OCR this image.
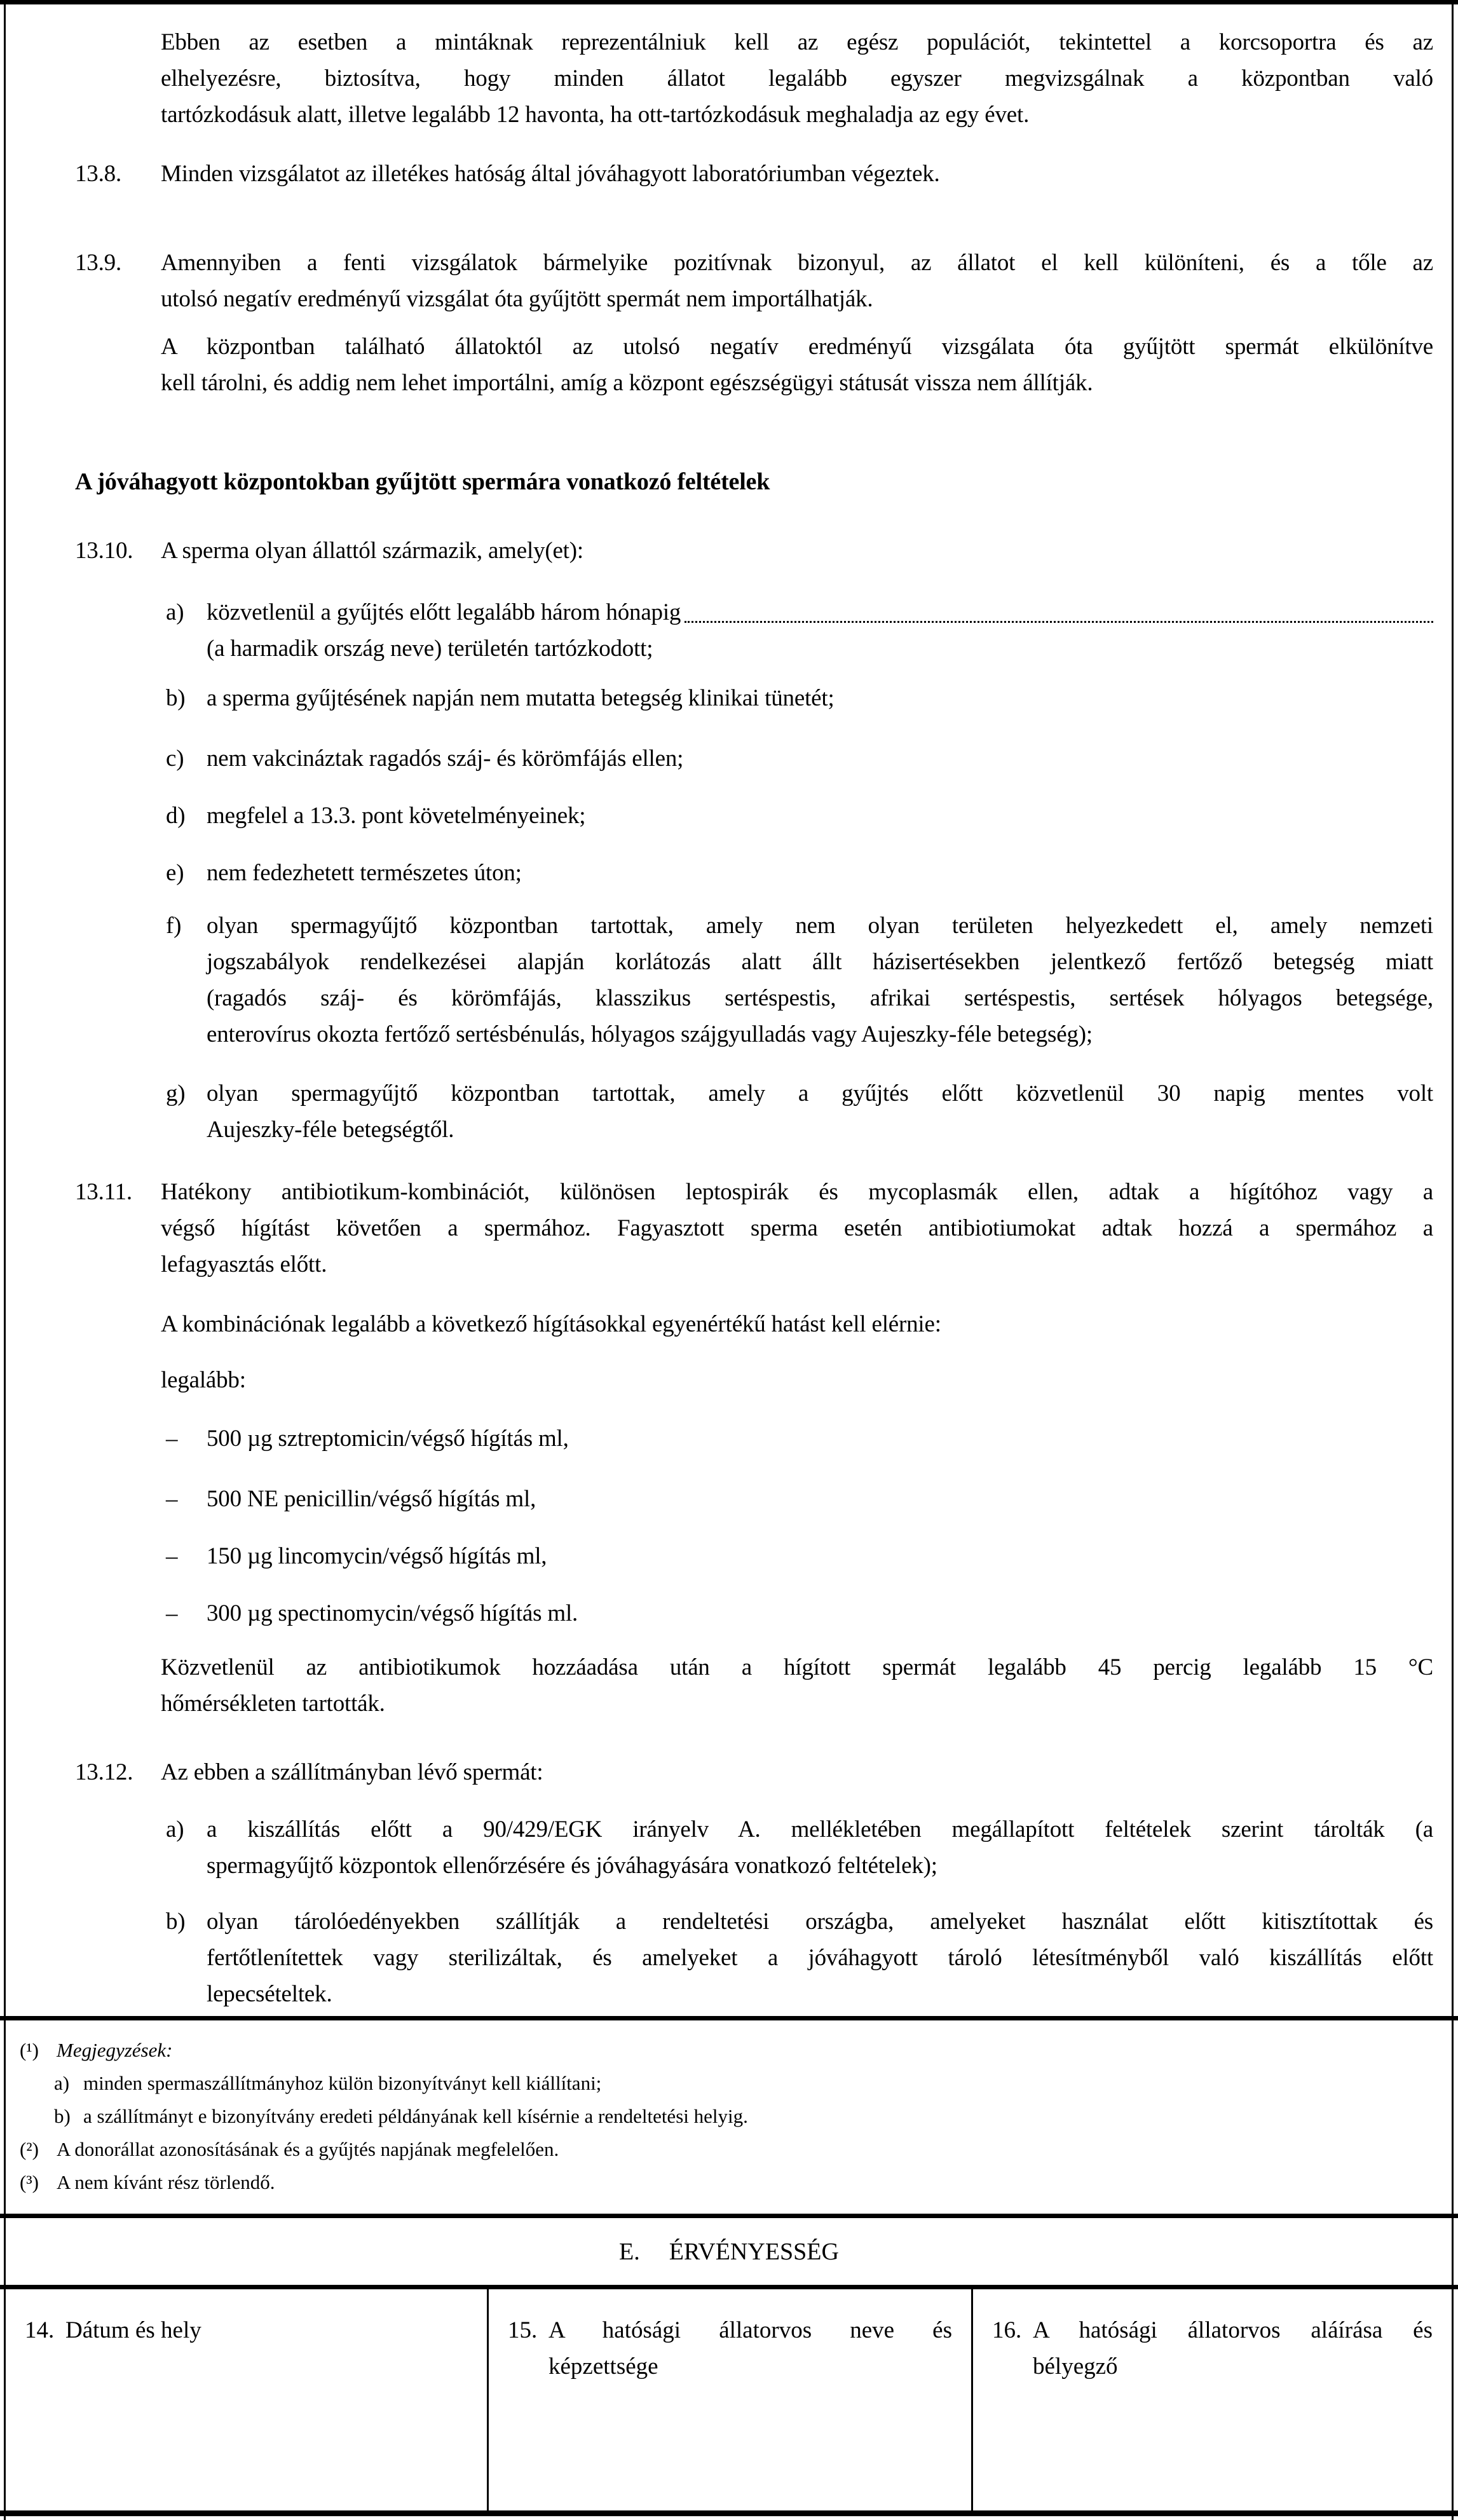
Ebben az esetben a mintáknak reprezentálniuk kell az egész populációt, tekintettel a korcsoportra és az
elhelyezésre, biztosítva, hogy minden állatot legalább egyszer megvizsgálnak a központban való
tartózkodásuk alatt, illetve legalább 12 havonta, ha ott-tartózkodásuk meghaladja az egy évet.
13.8.	Minden vizsgálatot az illetékes hatóság által jóváhagyott laboratóriumban végeztek.
13.9.	Amennyiben a fenti vizsgálatok bármelyike pozitívnak bizonyul, az állatot el kell különíteni, és a tőle az
utolsó negatív eredményű vizsgálat óta gyűjtött spermát nem importálhatják.
A központban található állatoktól az utolsó negatív eredményű vizsgálata óta gyűjtött spermát elkülönítve
kell tárolni, és addig nem lehet importálni, amíg a központ egészségügyi státusát vissza nem állítják.
A jóváhagyott központokban gyűjtött spermára vonatkozó feltételek
13.10.	A sperma olyan állattól származik, amely(et):
a) közvetlenül a gyűjtés előtt legalább három hónapig
(a harmadik ország neve) területén tartózkodott;
b) a sperma gyűjtésének napján nem mutatta betegség klinikai tünetét;
c) nem vakcináztak ragadós száj- és körömfájás ellen;
d) megfelel a 13.3. pont követelményeinek;
e) nem fedezhetett természetes úton;
f)	olyan spermagyűjtő központban tartottak, amely nem olyan területen helyezkedett el, amely nemzeti
jogszabályok rendelkezései alapján korlátozás alatt állt házisertésekben jelentkező fertőző betegség miatt
(ragadós száj- és körömfájás, klasszikus sertéspestis, afrikai sertéspestis, sertések hólyagos betegsége,
enterovírus okozta fertőző sertésbénulás, hólyagos szájgyulladás vagy Aujeszky-féle betegség);
g) olyan spermagyűjtő központban tartottak, amely a gyűjtés előtt közvetlenül 30 napig mentes volt
Aujeszky-féle betegségtől.
13.11.	Hatékony antibiotikum-kombinációt, különösen leptospirák és mycoplasmák ellen, adtak a hígítóhoz vagy a
végső hígítást követően a spermához. Fagyasztott sperma esetén antibiotiumokat adtak hozzá a spermához a
lefagyasztás előtt.
A kombinációnak legalább a következő hígításokkal egyenértékű hatást kell elérnie:
legalább:
–	500 µg sztreptomicin/végső hígítás ml,
–	500 NE penicillin/végső hígítás ml,
–	150 µg lincomycin/végső hígítás ml,
–	300 µg spectinomycin/végső hígítás ml.
Közvetlenül az antibiotikumok hozzáadása után a hígított spermát legalább 45 percig legalább 15 °C
hőmérsékleten tartották.
13.12.	Az ebben a szállítmányban lévő spermát:
a) a kiszállítás előtt a 90/429/EGK irányelv A. mellékletében megállapított feltételek szerint tárolták (a
spermagyűjtő központok ellenőrzésére és jóváhagyására vonatkozó feltételek);
b) olyan tárolóedényekben szállítják a rendeltetési országba, amelyeket használat előtt kitisztítottak és
fertőtlenítettek vagy sterilizáltak, és amelyeket a jóváhagyott tároló létesítményből való kiszállítás előtt
lepecsételtek.
(¹) Megjegyzések:
a) minden spermaszállítmányhoz külön bizonyítványt kell kiállítani;
b) a szállítmányt e bizonyítvány eredeti példányának kell kísérnie a rendeltetési helyig.
(²) A donorállat azonosításának és a gyűjtés napjának megfelelően.
(³) A nem kívánt rész törlendő.
E. ÉRVÉNYESSÉG
14. Dátum és hely	15. A hatósági állatorvos neve és
képzettsége
16. A hatósági állatorvos aláírása és
bélyegző
